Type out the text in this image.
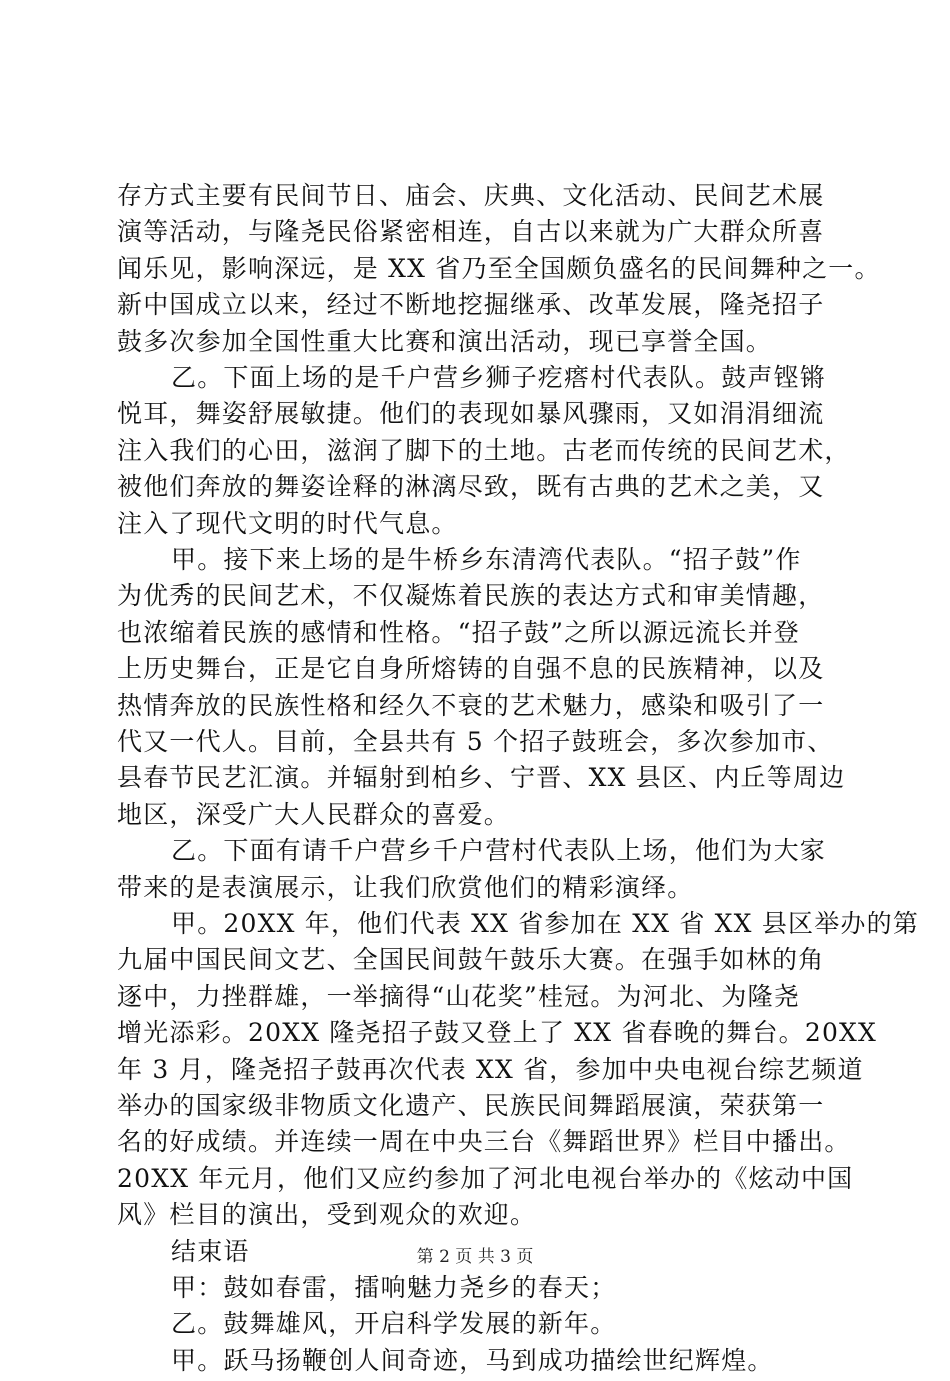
存方式主要有民间节日、庙会、庆典、文化活动、民间艺术展
演等活动，与隆尧民俗紧密相连，自古以来就为广大群众所喜
闻乐见，影响深远，是 XX 省乃至全国颇负盛名的民间舞种之一。
新中国成立以来，经过不断地挖掘继承、改革发展，隆尧招子
鼓多次参加全国性重大比赛和演出活动，现已享誉全国。
乙。下面上场的是千户营乡狮子疙瘩村代表队。鼓声铿锵
悦耳，舞姿舒展敏捷。他们的表现如暴风骤雨，又如涓涓细流
注入我们的心田，滋润了脚下的土地。古老而传统的民间艺术，
被他们奔放的舞姿诠释的淋漓尽致，既有古典的艺术之美，又
注入了现代文明的时代气息。
甲。接下来上场的是牛桥乡东清湾代表队。“招子鼓”作
为优秀的民间艺术，不仅凝炼着民族的表达方式和审美情趣，
也浓缩着民族的感情和性格。“招子鼓”之所以源远流长并登
上历史舞台，正是它自身所熔铸的自强不息的民族精神，以及
热情奔放的民族性格和经久不衰的艺术魅力，感染和吸引了一
代又一代人。目前，全县共有 5 个招子鼓班会，多次参加市、
县春节民艺汇演。并辐射到柏乡、宁晋、XX 县区、内丘等周边
地区，深受广大人民群众的喜爱。
乙。下面有请千户营乡千户营村代表队上场，他们为大家
带来的是表演展示，让我们欣赏他们的精彩演绎。
甲。20XX 年，他们代表 XX 省参加在 XX 省 XX 县区举办的第
九届中国民间文艺、全国民间鼓午鼓乐大赛。在强手如林的角
逐中，力挫群雄，一举摘得“山花奖”桂冠。为河北、为隆尧
增光添彩。20XX 隆尧招子鼓又登上了 XX 省春晚的舞台。20XX
年 3 月，隆尧招子鼓再次代表 XX 省，参加中央电视台综艺频道
举办的国家级非物质文化遗产、民族民间舞蹈展演，荣获第一
名的好成绩。并连续一周在中央三台《舞蹈世界》栏目中播出。
20XX 年元月，他们又应约参加了河北电视台举办的《炫动中国
风》栏目的演出，受到观众的欢迎。
结束语
甲：鼓如春雷，擂响魅力尧乡的春天；
乙。鼓舞雄风，开启科学发展的新年。
甲。跃马扬鞭创人间奇迹，马到成功描绘世纪辉煌。
第 2 页 共 3 页
